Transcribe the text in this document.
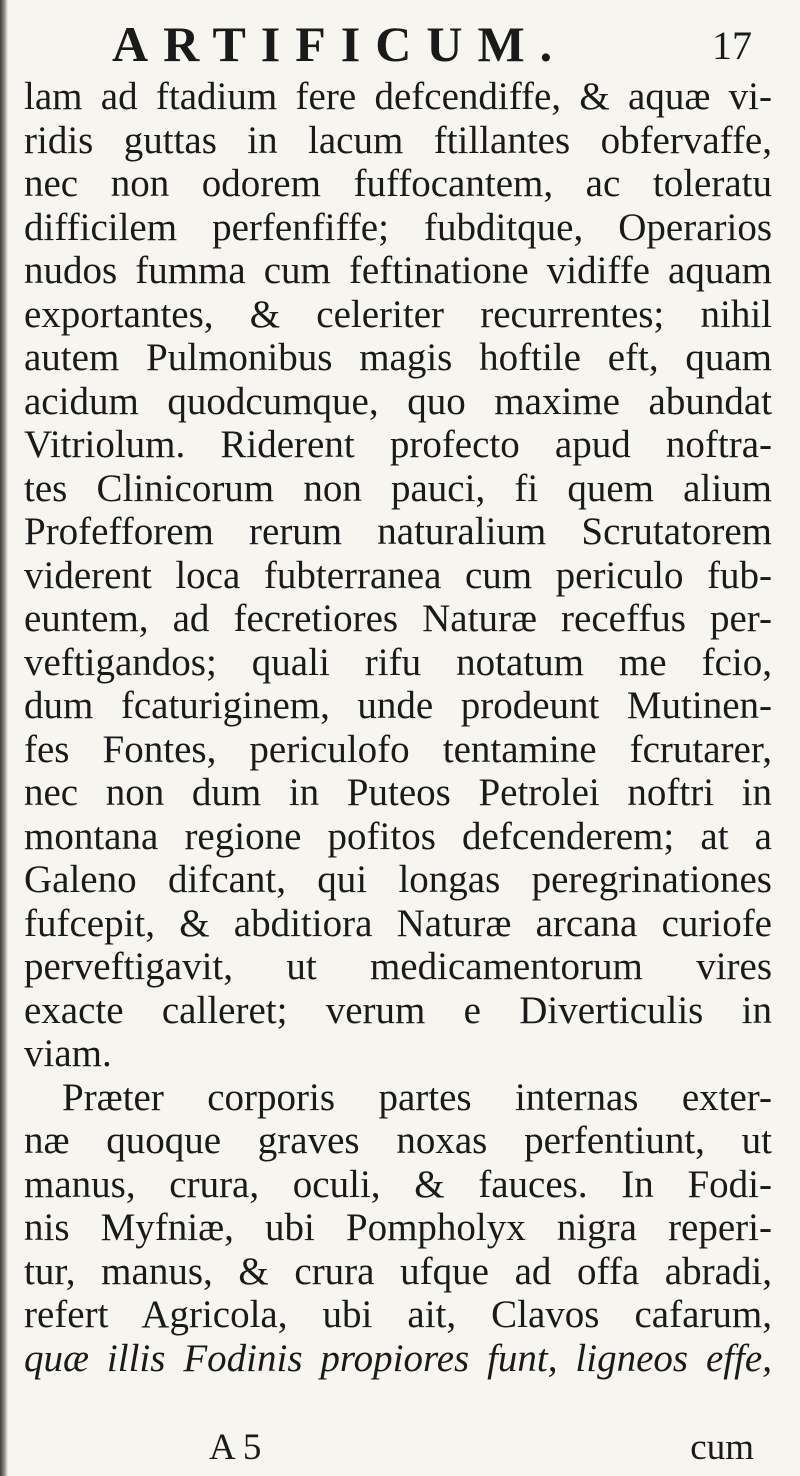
ARTIFICUM.	17
lam ad ftadium fere defcendiffe, & aquæ vi-
ridis guttas in lacum ftillantes obfervaffe,
nec non odorem fuffocantem, ac toleratu
difficilem perfenfiffe; fubditque, Operarios
nudos fumma cum feftinatione vidiffe aquam
exportantes, & celeriter recurrentes; nihil
autem Pulmonibus magis hoftile eft, quam
acidum quodcumque, quo maxime abundat
Vitriolum. Riderent profecto apud noftra-
tes Clinicorum non pauci, fi quem alium
Profefforem rerum naturalium Scrutatorem
viderent loca fubterranea cum periculo fub-
euntem, ad fecretiores Naturæ receffus per-
veftigandos; quali rifu notatum me fcio,
dum fcaturiginem, unde prodeunt Mutinen-
fes Fontes, periculofo tentamine fcrutarer,
nec non dum in Puteos Petrolei noftri in
montana regione pofitos defcenderem; at a
Galeno difcant, qui longas peregrinationes
fufcepit, & abditiora Naturæ arcana curiofe
perveftigavit, ut medicamentorum vires
exacte calleret; verum e Diverticulis in
viam.
Præter corporis partes internas exter-
næ quoque graves noxas perfentiunt, ut
manus, crura, oculi, & fauces. In Fodi-
nis Myfniæ, ubi Pompholyx nigra reperi-
tur, manus, & crura ufque ad offa abradi,
refert Agricola, ubi ait, Clavos cafarum,
quæ illis Fodinis propiores funt, ligneos effe,
A 5	cum
